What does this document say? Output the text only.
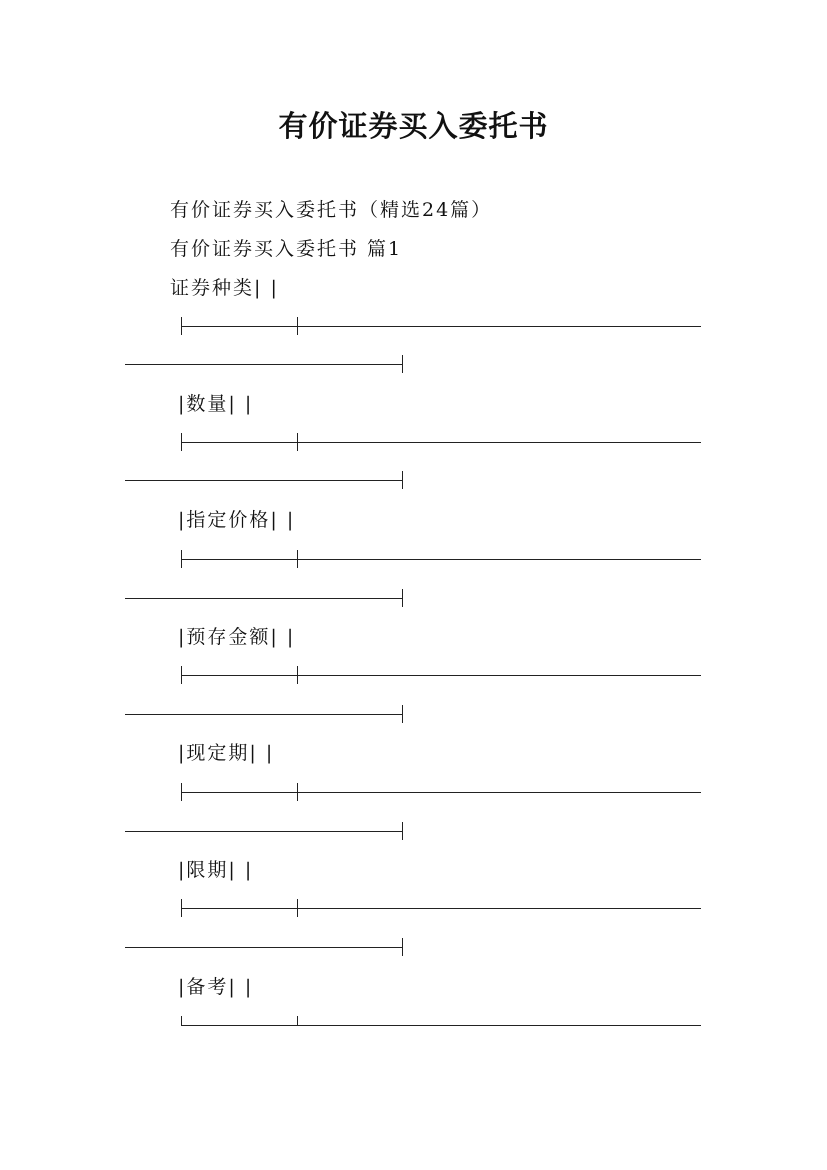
有价证券买入委托书
有价证券买入委托书（精选24篇）
有价证券买入委托书 篇1
证券种类| |
|数量| |
|指定价格| |
|预存金额| |
|现定期| |
|限期| |
|备考| |
